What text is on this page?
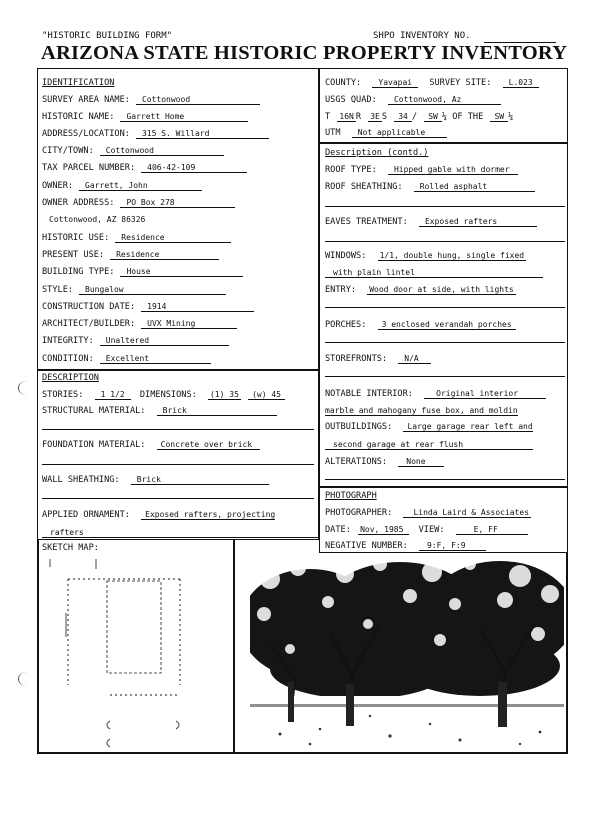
"HISTORIC BUILDING FORM"	SHPO INVENTORY NO.
ARIZONA STATE HISTORIC PROPERTY INVENTORY
IDENTIFICATION
SURVEY AREA NAME: Cottonwood
HISTORIC NAME: Garrett Home
ADDRESS/LOCATION: 315 S. Willard
CITY/TOWN: Cottonwood
TAX PARCEL NUMBER: 406-42-109
OWNER: Garrett, John
OWNER ADDRESS: PO Box 278
Cottonwood, AZ 86326
HISTORIC USE: Residence
PRESENT USE: Residence
BUILDING TYPE: House
STYLE: Bungalow
CONSTRUCTION DATE: 1914
ARCHITECT/BUILDER: UVX Mining
INTEGRITY: Unaltered
CONDITION: Excellent
COUNTY: Yavapai SURVEY SITE: L.023
USGS QUAD: Cottonwood, Az
T 16N R 3E S 34 / SW ¼ OF THE SW ¼
UTM Not applicable
Description (contd.)
ROOF TYPE: Hipped gable with dormer
ROOF SHEATHING: Rolled asphalt
EAVES TREATMENT: Exposed rafters
WINDOWS: 1/1, double hung, single fixed
with plain lintel
ENTRY: Wood door at side, with lights
PORCHES: 3 enclosed verandah porches
STOREFRONTS: N/A
NOTABLE INTERIOR:	Original interior
marble and mahogany fuse box, and moldin
OUTBUILDINGS: Large garage rear left and
second garage at rear flush
ALTERATIONS: None
DESCRIPTION
STORIES: 1 1/2 DIMENSIONS: (1) 35 (w) 45
STRUCTURAL MATERIAL: Brick
FOUNDATION MATERIAL: Concrete over brick
WALL SHEATHING: Brick
APPLIED ORNAMENT: Exposed rafters, projecting
rafters
PHOTOGRAPH
PHOTOGRAPHER:	Linda Laird & Associates
DATE: Nov, 1985 VIEW:	E, FF
NEGATIVE NUMBER: 9:F, F:9
SKETCH MAP:
